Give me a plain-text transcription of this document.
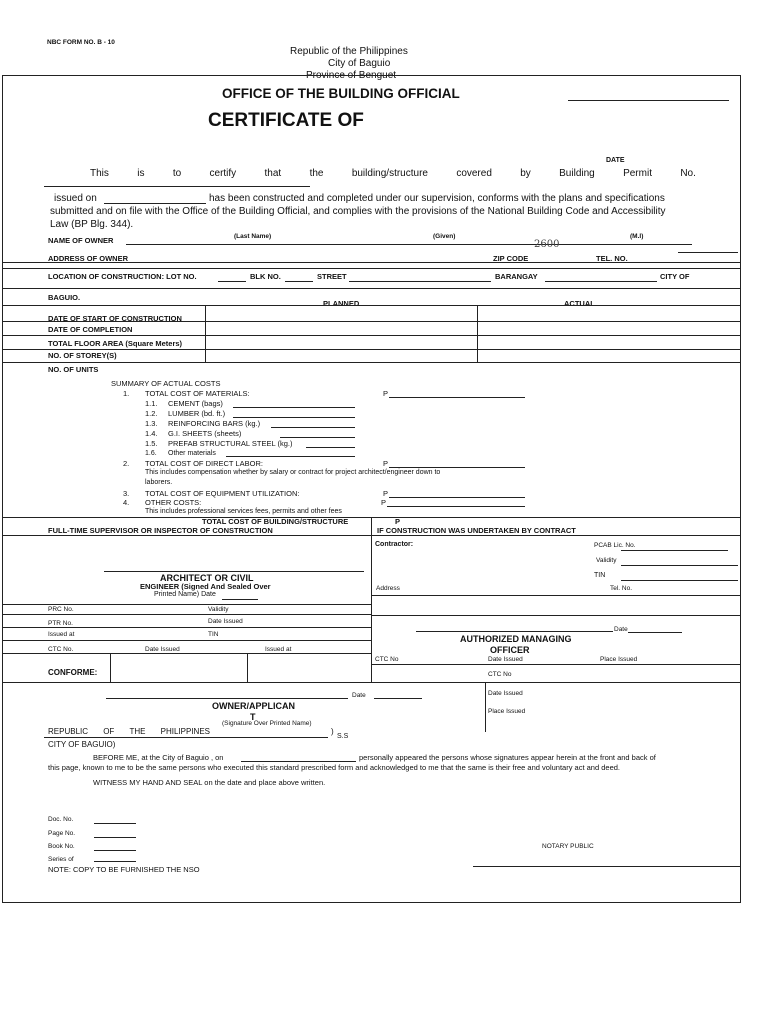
NBC FORM NO. B - 10
Republic of the Philippines
City of Baguio
Province of Benguet
OFFICE OF THE BUILDING OFFICIAL
CERTIFICATE OF
DATE
This	is	to	certify	that	the	building/structure	covered	by	Building	Permit	No.
issued on	has been constructed and completed under our supervision, conforms with the plans and specifications
submitted and on file with the Office of the Building Official, and complies with the provisions of the National Building Code and Accessibility
Law (BP Blg. 344).
(Last Name)	(Given)	(M.I)
NAME OF OWNER	2600
ADDRESS OF OWNER	ZIP CODE	TEL. NO.
LOCATION OF CONSTRUCTION: LOT NO.	BLK NO.	STREET	BARANGAY	CITY OF
BAGUIO.
PLANNED	ACTUAL
DATE OF START OF CONSTRUCTION
DATE OF COMPLETION
TOTAL FLOOR AREA (Square Meters)
NO. OF STOREY(S)
NO. OF UNITS
SUMMARY OF ACTUAL COSTS
1. TOTAL COST OF MATERIALS:	P
1.1. CEMENT (bags)
1.2. LUMBER (bd. ft.)
1.3. REINFORCING BARS (kg.)
1.4. G.I. SHEETS (sheets)
1.5. PREFAB STRUCTURAL STEEL (kg.)
1.6. Other materials
2. TOTAL COST OF DIRECT LABOR:	P
This includes compensation whether by salary or contract for project architect/engineer down to
laborers.
3. TOTAL COST OF EQUIPMENT UTILIZATION:	P
4. OTHER COSTS:	P
This includes professional services fees, permits and other fees
TOTAL COST OF BUILDING/STRUCTURE	P
FULL-TIME SUPERVISOR OR INSPECTOR OF CONSTRUCTION	IF CONSTRUCTION WAS UNDERTAKEN BY CONTRACT
ARCHITECT OR CIVIL
ENGINEER (Signed And Sealed Over
Printed Name) Date
PRC No.	Validity
PTR No.	Date Issued
Issued at	TIN
CTC No.	Date Issued	Issued at
Contractor:	PCAB Lic. No.
Validity
TIN
Address	Tel. No.
Date
AUTHORIZED MANAGING
OFFICER
CTC No	Date Issued	Place Issued
CTC No
Date Issued
Place Issued
CONFORME:
Date
OWNER/APPLICAN
T
(Signature Over Printed Name)
REPUBLIC OF THE PHILIPPINES	)
S.S
CITY OF BAGUIO)
BEFORE ME, at the City of Baguio , on	personally appeared the persons whose signatures appear herein at the front and back of
this page, known to me to be the same persons who executed this standard prescribed form and acknowledged to me that the same is their free and voluntary act and deed.
WITNESS MY HAND AND SEAL on the date and place above written.
Doc. No.
Page No.
Book No.
Series of
NOTARY PUBLIC
NOTE: COPY TO BE FURNISHED THE NSO
